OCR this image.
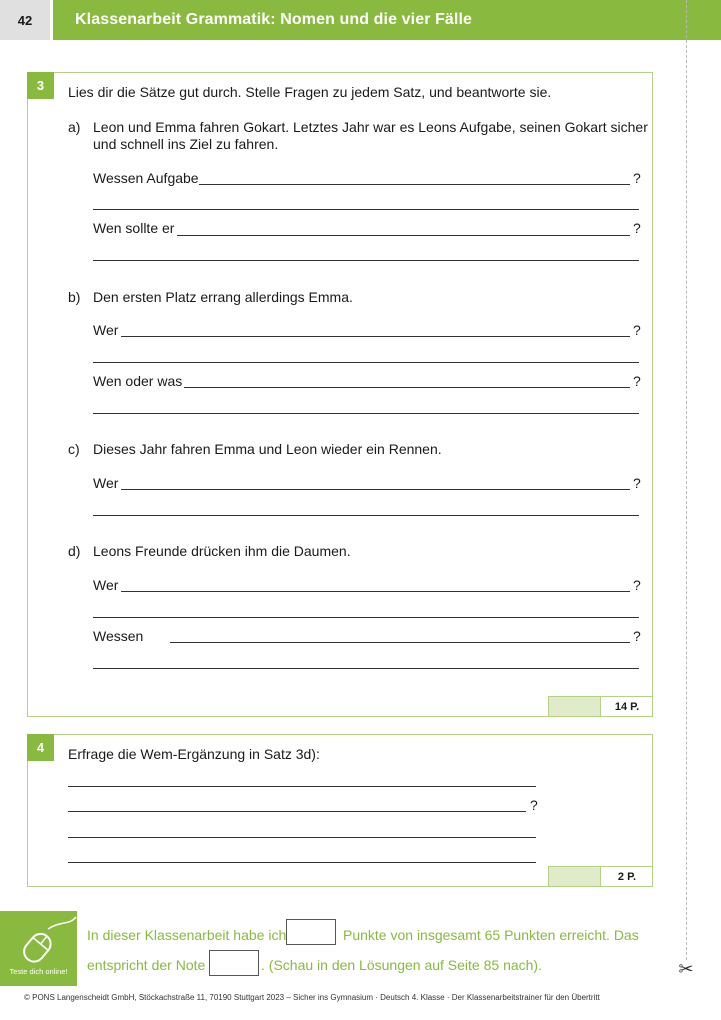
42	Klassenarbeit Grammatik: Nomen und die vier Fälle
✂
3	Lies dir die Sätze gut durch. Stelle Fragen zu jedem Satz, und beantworte sie.
a) Leon und Emma fahren Gokart. Letztes Jahr war es Leons Aufgabe, seinen Gokart sicher
und schnell ins Ziel zu fahren.
Wessen Aufgabe	?
Wen sollte er	?
b) Den ersten Platz errang allerdings Emma.
Wer	?
Wen oder was	?
c) Dieses Jahr fahren Emma und Leon wieder ein Rennen.
Wer	?
d) Leons Freunde drücken ihm die Daumen.
Wer	?
Wessen	?
14 P.
4	Erfrage die Wem-Ergänzung in Satz 3d):
?
2 P.
Teste dich online!
In dieser Klassenarbeit habe ich	Punkte von insgesamt 65 Punkten erreicht. Das
entspricht der Note	. (Schau in den Lösungen auf Seite 85 nach).
© PONS Langenscheidt GmbH, Stöckachstraße 11, 70190 Stuttgart 2023 – Sicher ins Gymnasium · Deutsch 4. Klasse · Der Klassenarbeitstrainer für den Übertritt
